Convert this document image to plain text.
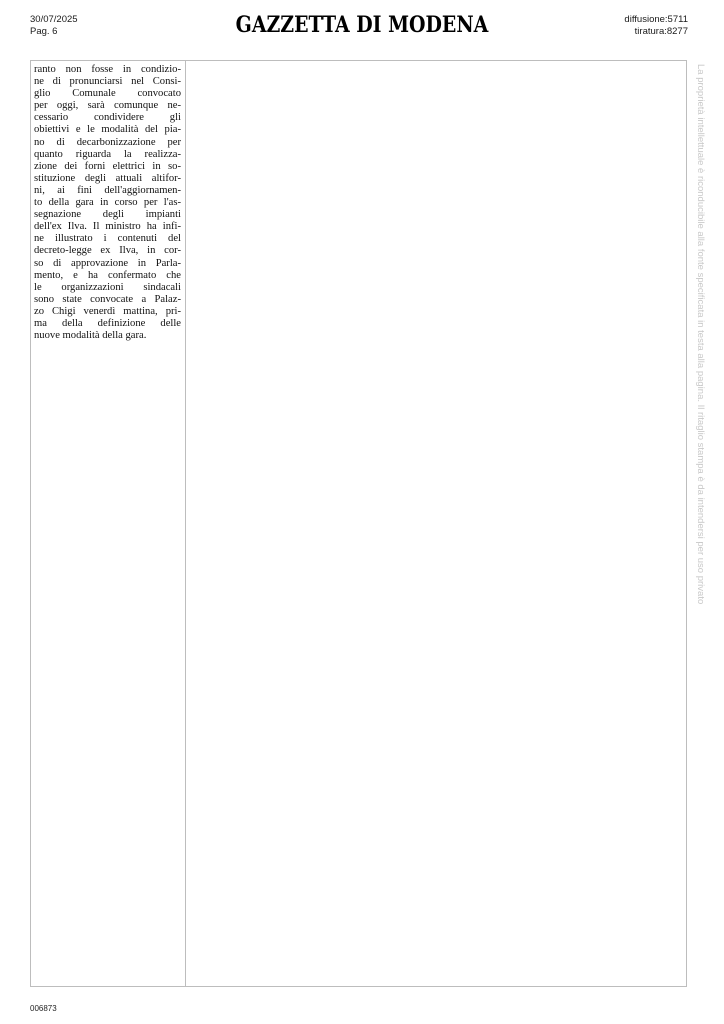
30/07/2025
Pag. 6	GAZZETTA DI MODENA	diffusione:5711
tiratura:8277
ranto non fosse in condizio-
ne di pronunciarsi nel Consi-
glio Comunale convocato
per oggi, sarà comunque ne-
cessario condividere gli
obiettivi e le modalità del pia-
no di decarbonizzazione per
quanto riguarda la realizza-
zione dei forni elettrici in so-
stituzione degli attuali altifor-
ni, ai fini dell'aggiornamen-
to della gara in corso per l'as-
segnazione degli impianti
dell'ex Ilva. Il ministro ha infi-
ne illustrato i contenuti del
decreto-legge ex Ilva, in cor-
so di approvazione in Parla-
mento, e ha confermato che
le organizzazioni sindacali
sono state convocate a Palaz-
zo Chigi venerdì mattina, pri-
ma della definizione delle
nuove modalità della gara.	La proprietà intellettuale è riconducibile alla fonte specificata in testa alla pagina. Il ritaglio stampa è da intendersi per uso privato
006873
